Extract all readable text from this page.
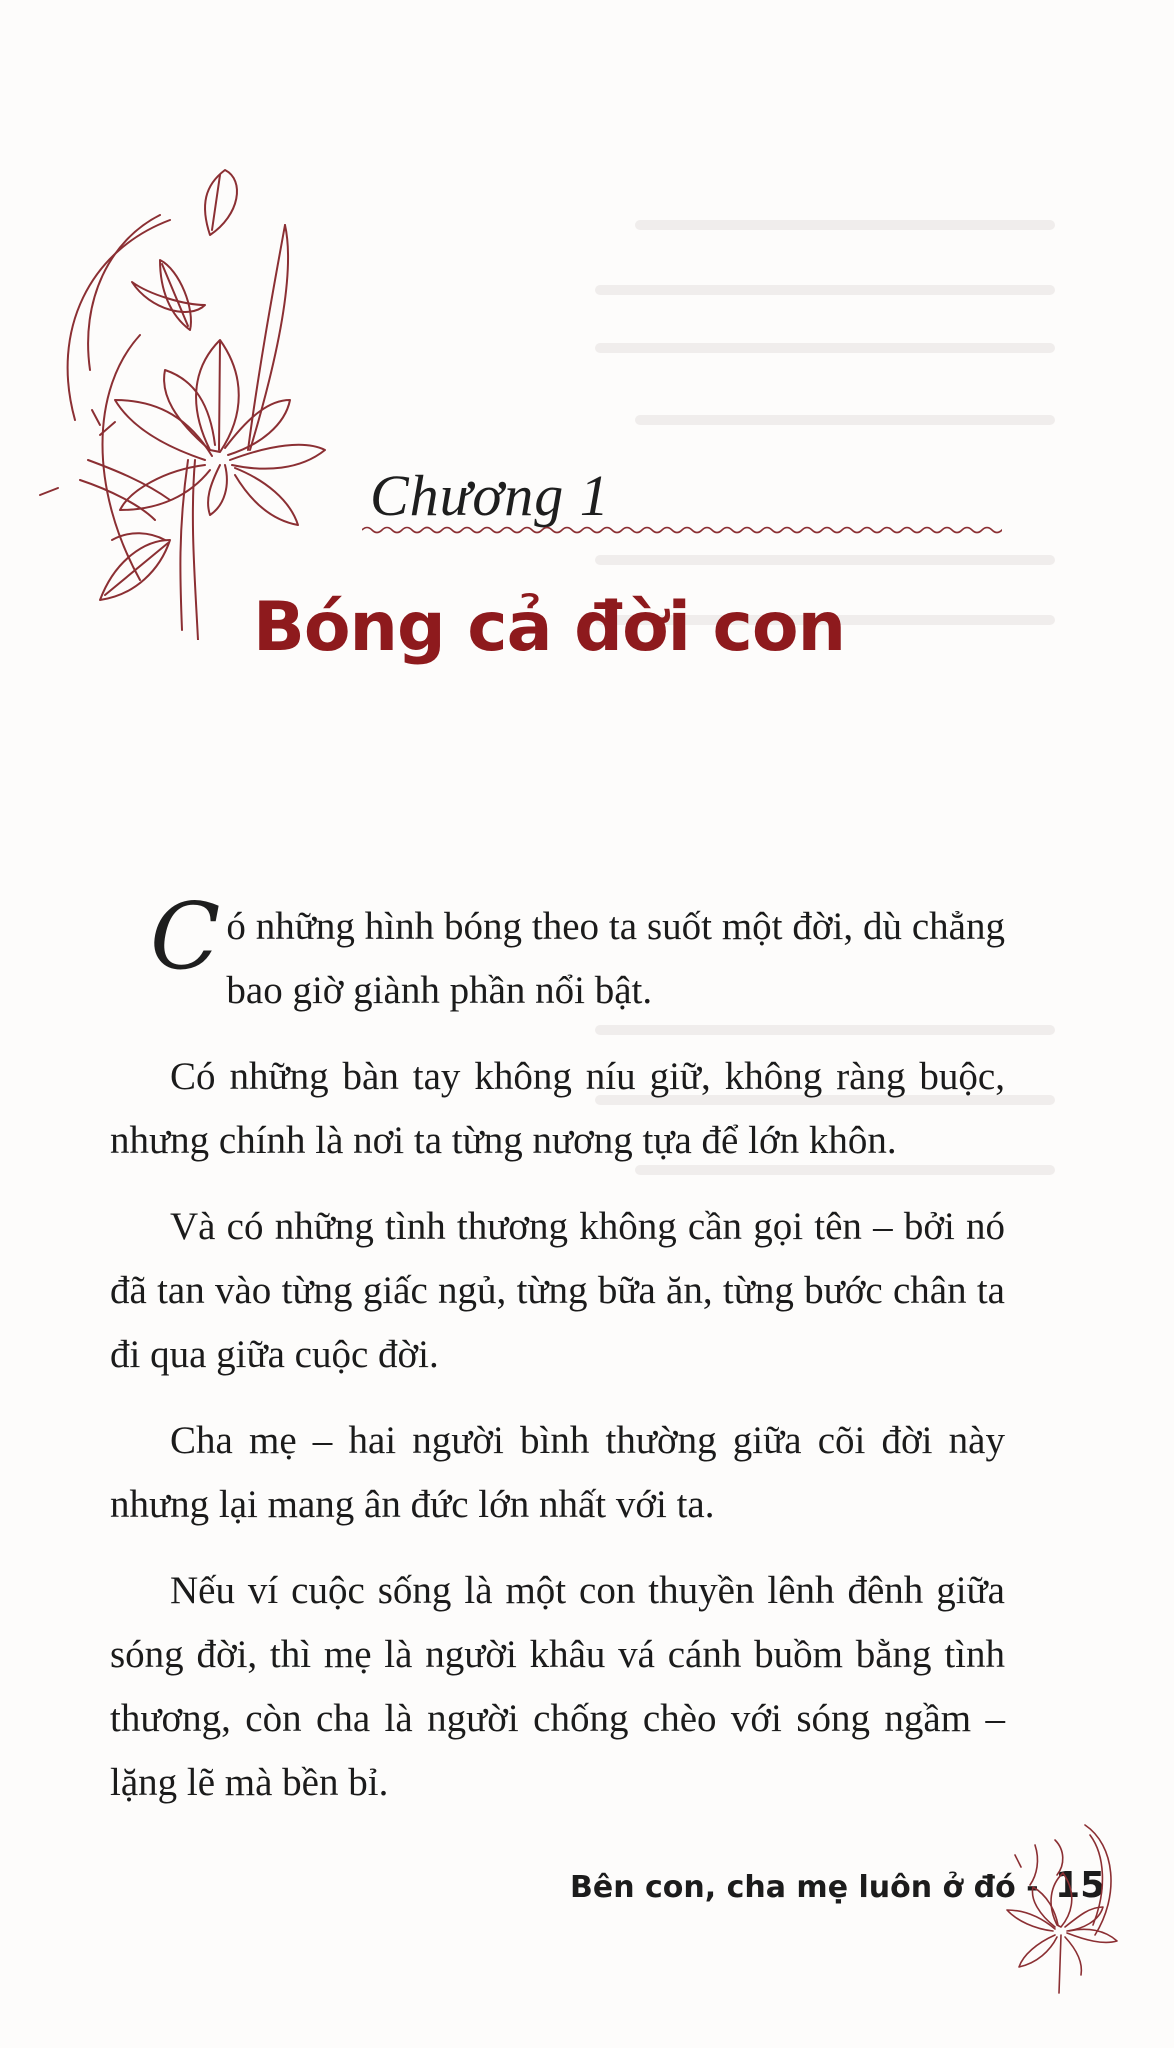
Chương 1
Bóng cả đời con

Có những hình bóng theo ta suốt một đời, dù chẳng bao giờ giành phần nổi bật.

Có những bàn tay không níu giữ, không ràng buộc, nhưng chính là nơi ta từng nương tựa để lớn khôn.

Và có những tình thương không cần gọi tên – bởi nó đã tan vào từng giấc ngủ, từng bữa ăn, từng bước chân ta đi qua giữa cuộc đời.

Cha mẹ – hai người bình thường giữa cõi đời này nhưng lại mang ân đức lớn nhất với ta.

Nếu ví cuộc sống là một con thuyền lênh đênh giữa sóng đời, thì mẹ là người khâu vá cánh buồm bằng tình thương, còn cha là người chống chèo với sóng ngầm – lặng lẽ mà bền bỉ.

Bên con, cha mẹ luôn ở đó - 15
